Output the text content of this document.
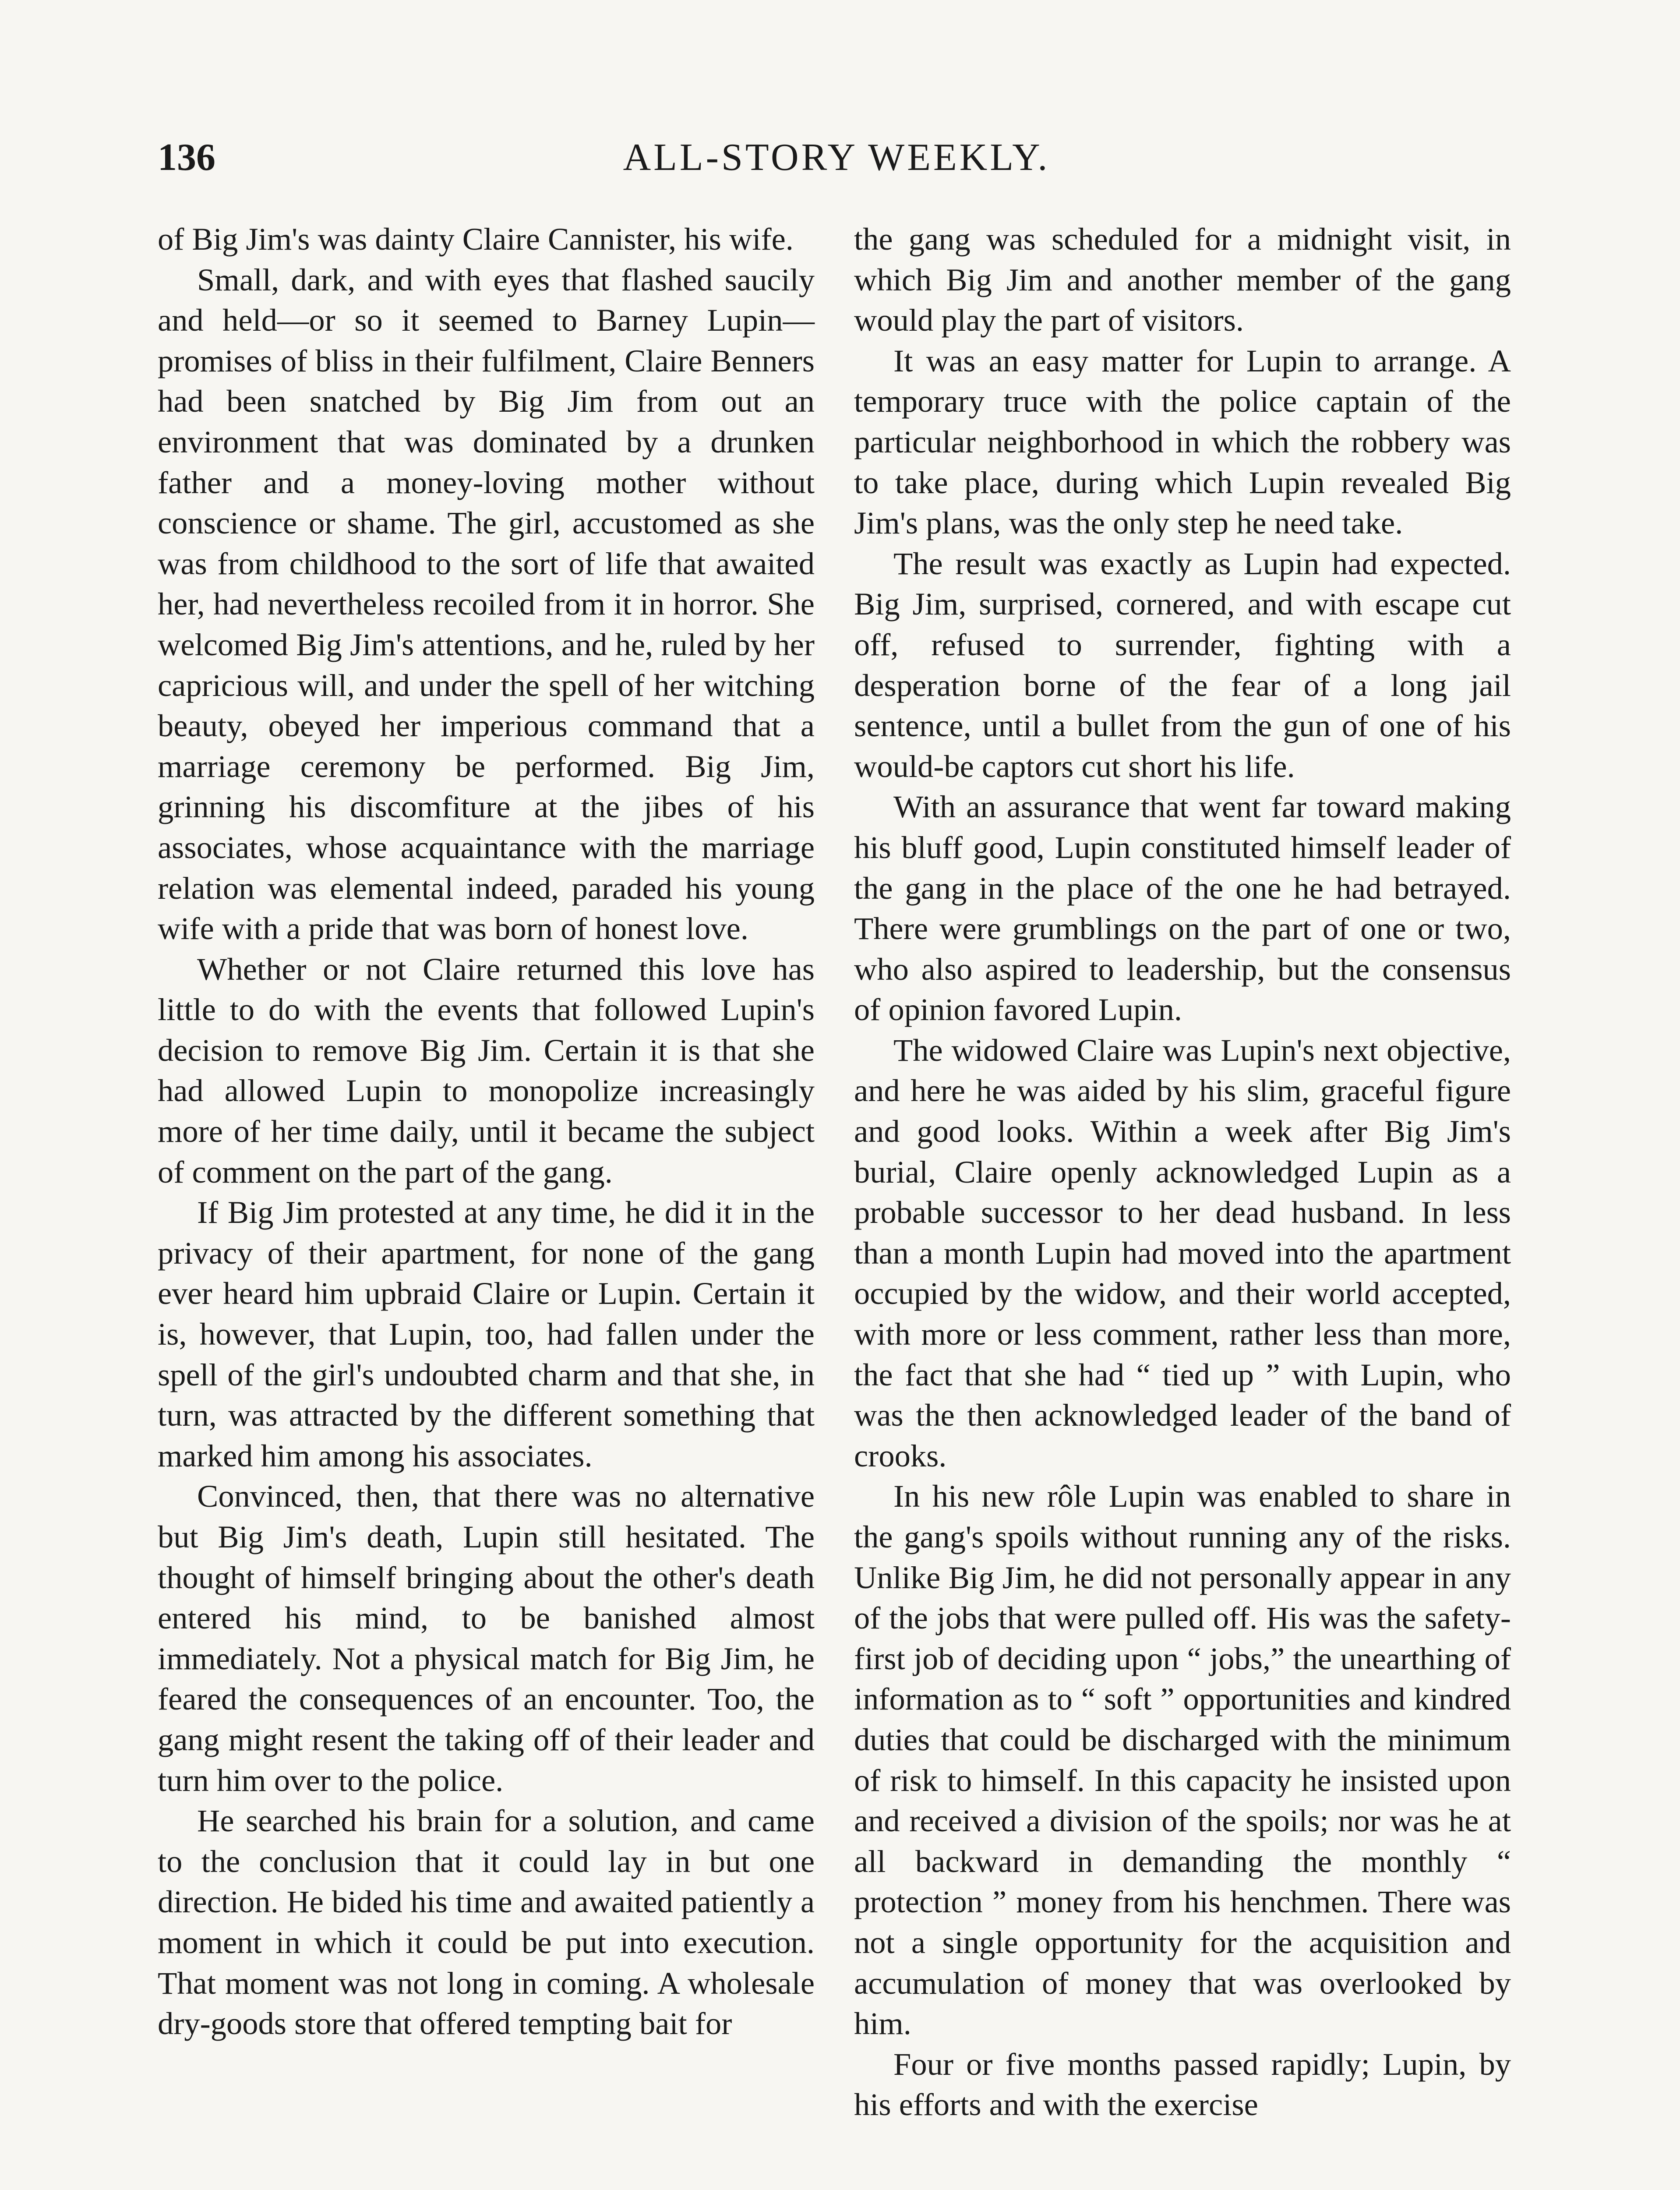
ALL-STORY WEEKLY.
136

of Big Jim's was dainty Claire Cannister, his wife.

Small, dark, and with eyes that flashed saucily and held—or so it seemed to Barney Lupin—promises of bliss in their fulfilment, Claire Benners had been snatched by Big Jim from out an environment that was dominated by a drunken father and a money-loving mother without conscience or shame. The girl, accustomed as she was from childhood to the sort of life that awaited her, had nevertheless recoiled from it in horror. She welcomed Big Jim's attentions, and he, ruled by her capricious will, and under the spell of her witching beauty, obeyed her imperious command that a marriage ceremony be performed. Big Jim, grinning his discomfiture at the jibes of his associates, whose acquaintance with the marriage relation was elemental indeed, paraded his young wife with a pride that was born of honest love.

Whether or not Claire returned this love has little to do with the events that followed Lupin's decision to remove Big Jim. Certain it is that she had allowed Lupin to monopolize increasingly more of her time daily, until it became the subject of comment on the part of the gang.

If Big Jim protested at any time, he did it in the privacy of their apartment, for none of the gang ever heard him upbraid Claire or Lupin. Certain it is, however, that Lupin, too, had fallen under the spell of the girl's undoubted charm and that she, in turn, was attracted by the different something that marked him among his associates.

Convinced, then, that there was no alternative but Big Jim's death, Lupin still hesitated. The thought of himself bringing about the other's death entered his mind, to be banished almost immediately. Not a physical match for Big Jim, he feared the consequences of an encounter. Too, the gang might resent the taking off of their leader and turn him over to the police.

He searched his brain for a solution, and came to the conclusion that it could lay in but one direction. He bided his time and awaited patiently a moment in which it could be put into execution. That moment was not long in coming. A wholesale dry-goods store that offered tempting bait for

the gang was scheduled for a midnight visit, in which Big Jim and another member of the gang would play the part of visitors.

It was an easy matter for Lupin to arrange. A temporary truce with the police captain of the particular neighborhood in which the robbery was to take place, during which Lupin revealed Big Jim's plans, was the only step he need take.

The result was exactly as Lupin had expected. Big Jim, surprised, cornered, and with escape cut off, refused to surrender, fighting with a desperation borne of the fear of a long jail sentence, until a bullet from the gun of one of his would-be captors cut short his life.

With an assurance that went far toward making his bluff good, Lupin constituted himself leader of the gang in the place of the one he had betrayed. There were grumblings on the part of one or two, who also aspired to leadership, but the consensus of opinion favored Lupin.

The widowed Claire was Lupin's next objective, and here he was aided by his slim, graceful figure and good looks. Within a week after Big Jim's burial, Claire openly acknowledged Lupin as a probable successor to her dead husband. In less than a month Lupin had moved into the apartment occupied by the widow, and their world accepted, with more or less comment, rather less than more, the fact that she had “ tied up ” with Lupin, who was the then acknowledged leader of the band of crooks.

In his new rôle Lupin was enabled to share in the gang's spoils without running any of the risks. Unlike Big Jim, he did not personally appear in any of the jobs that were pulled off. His was the safety-first job of deciding upon “ jobs,” the unearthing of information as to “ soft ” opportunities and kindred duties that could be discharged with the minimum of risk to himself. In this capacity he insisted upon and received a division of the spoils; nor was he at all backward in demanding the monthly “ protection ” money from his henchmen. There was not a single opportunity for the acquisition and accumulation of money that was overlooked by him.

Four or five months passed rapidly; Lupin, by his efforts and with the exercise
